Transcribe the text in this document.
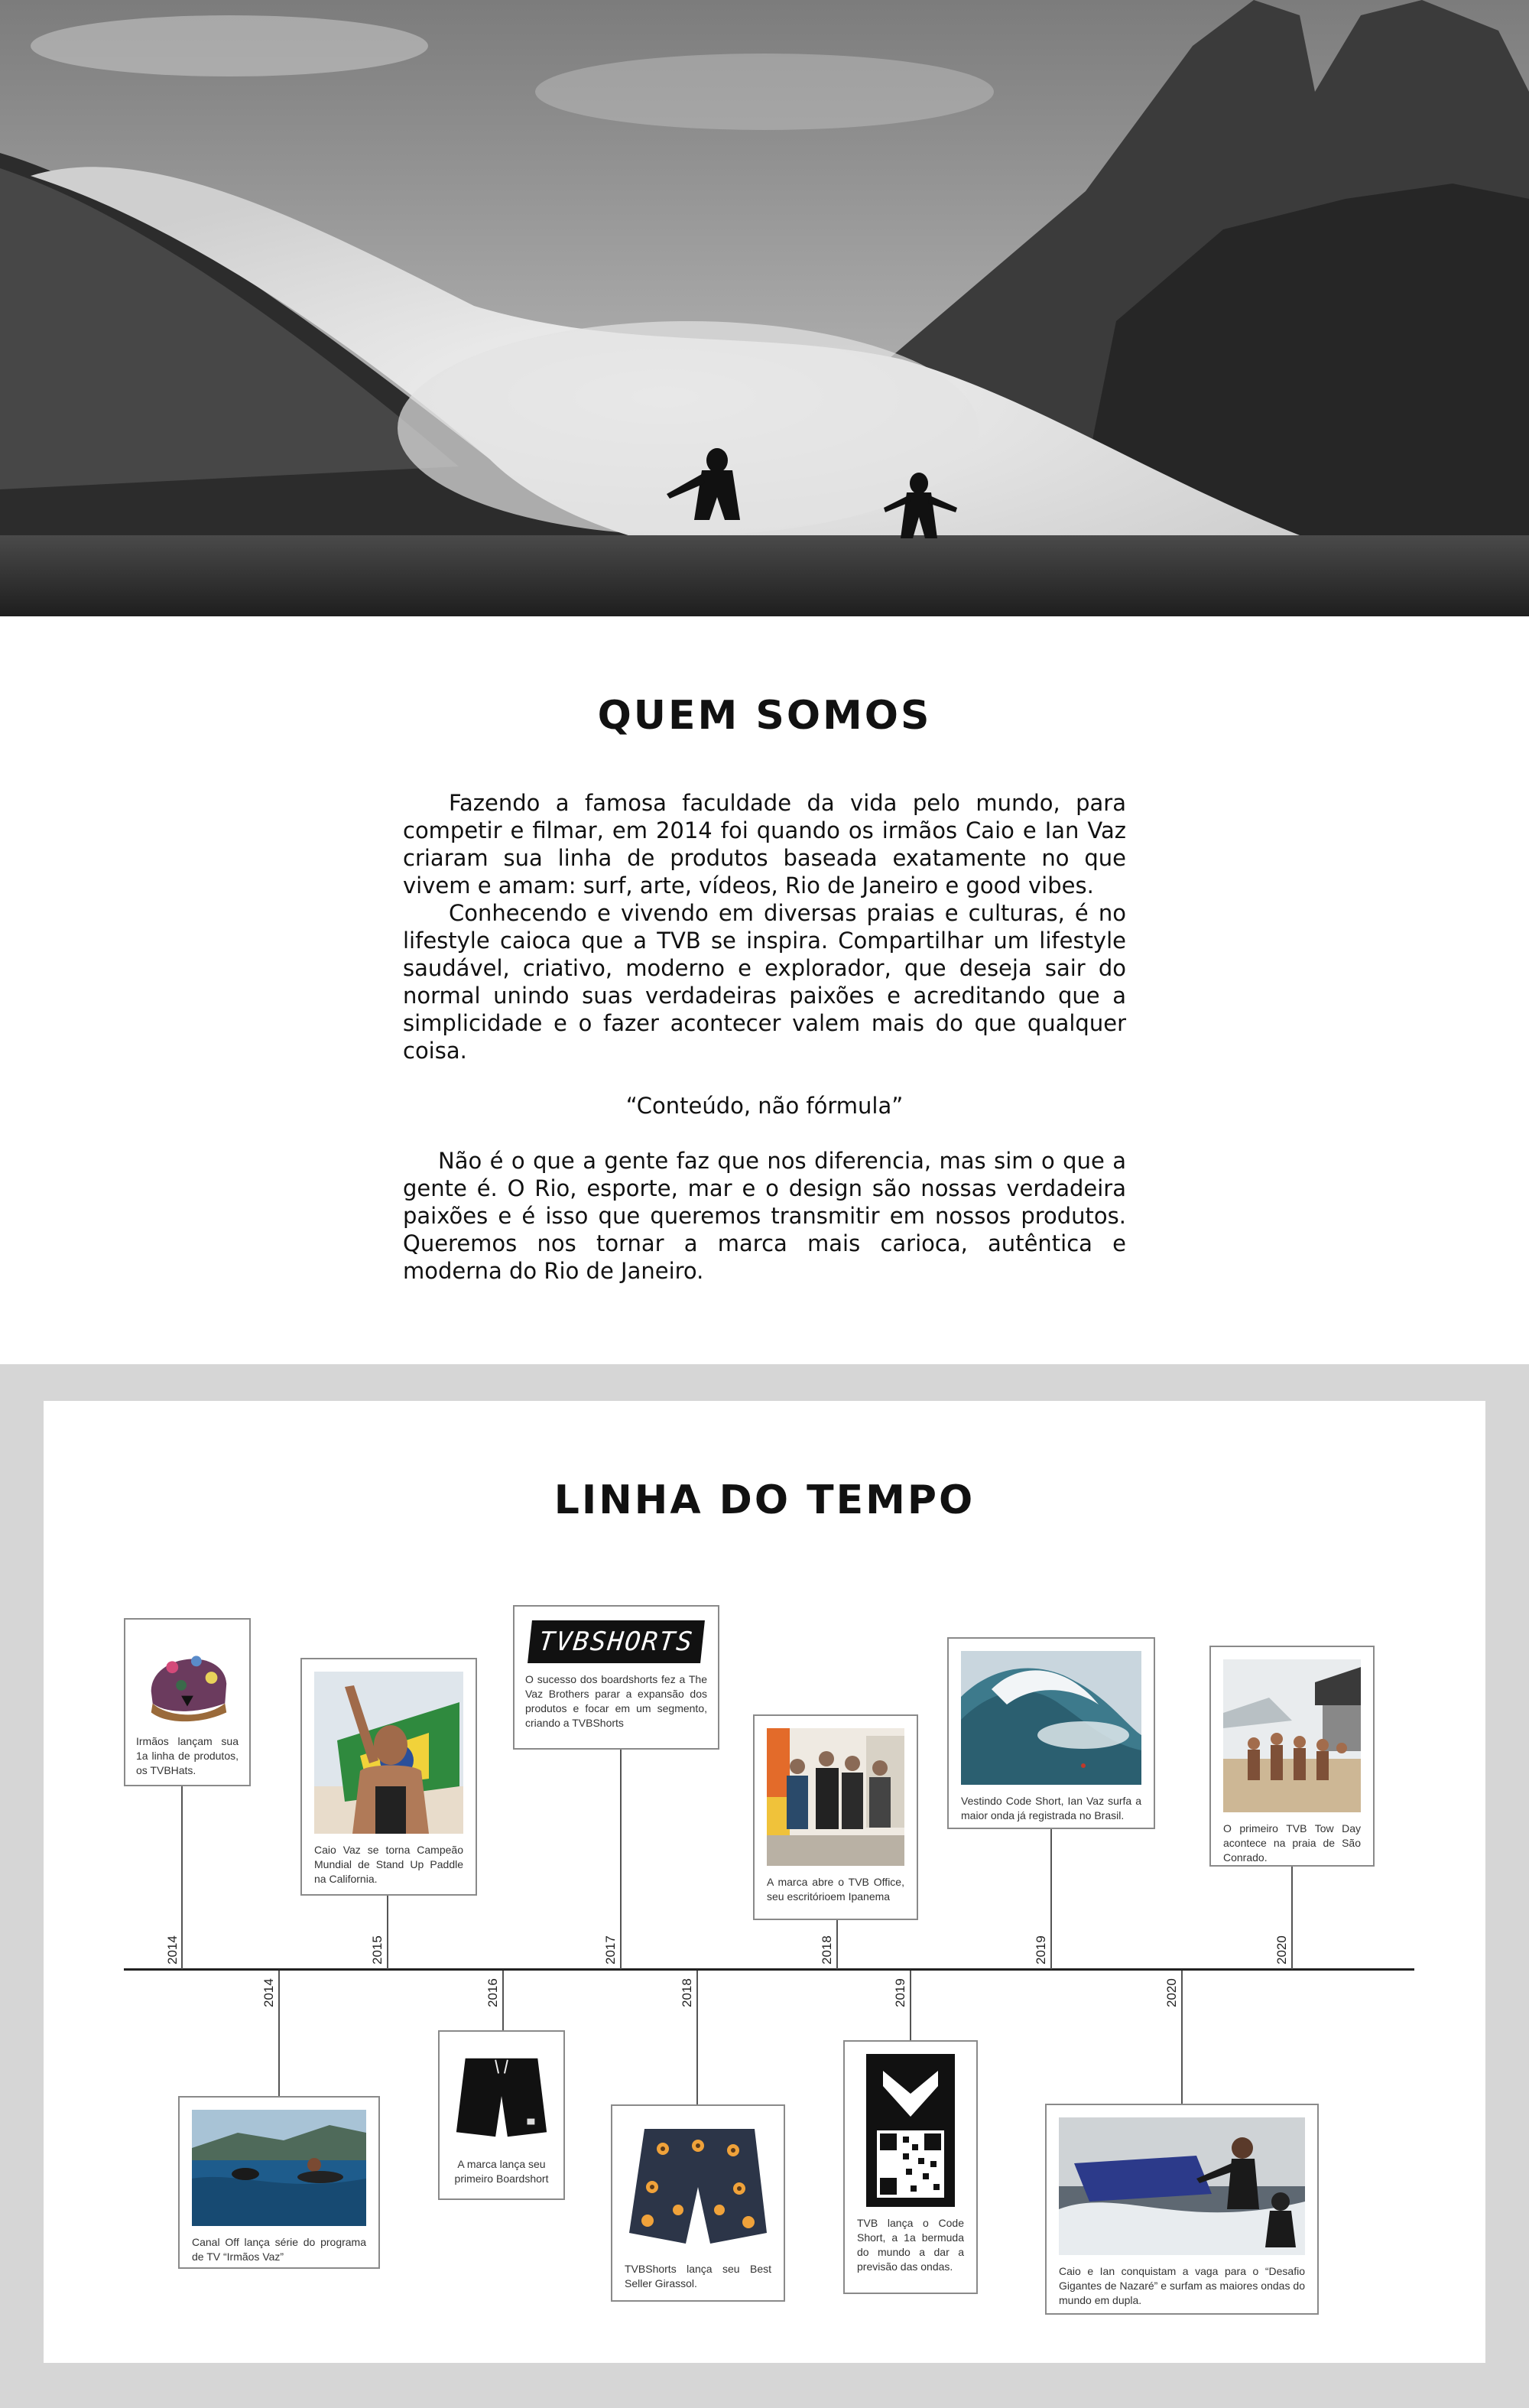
QUEM SOMOS

Fazendo a famosa faculdade da vida pelo mundo, para competir e filmar, em 2014 foi quando os irmãos Caio e Ian Vaz criaram sua linha de produtos baseada exatamente no que vivem e amam: surf, arte, vídeos, Rio de Janeiro e good vibes.

Conhecendo e vivendo em diversas praias e culturas, é no lifestyle caioca que a TVB se inspira. Compartilhar um lifestyle saudável, criativo, moderno e explorador, que deseja sair do normal unindo suas verdadeiras paixões e acreditando que a simplicidade e o fazer acontecer valem mais do que qualquer coisa.

“Conteúdo, não fórmula”

Não é o que a gente faz que nos diferencia, mas sim o que a gente é. O Rio, esporte, mar e o design são nossas verdadeira paixões e é isso que queremos transmitir em nossos produtos. Queremos nos tornar a marca mais carioca, autêntica e moderna do Rio de Janeiro.

LINHA DO TEMPO
2014
Irmãos lançam sua 1a linha de produtos, os TVBHats.
2015
Caio Vaz se torna Campeão Mundial de Stand Up Paddle na California.
2017
TVBSHORTS
O sucesso dos boardshorts fez a The Vaz Brothers parar a expansão dos produtos e focar em um segmento, criando a TVBShorts
2018
A marca abre o TVB Office, seu escritórioem Ipanema
2019
Vestindo Code Short, Ian Vaz surfa a maior onda já registrada no Brasil.
2020
O primeiro TVB Tow Day acontece na praia de São Conrado.
2014
Canal Off lança série do programa de TV “Irmãos Vaz”
2016
A marca lança seu primeiro Boardshort
2018
TVBShorts lança seu Best Seller Girassol.
2019
TVB lança o Code Short, a 1a bermuda do mundo a dar a previsão das ondas.
2020
Caio e Ian conquistam a vaga para o “Desafio Gigantes de Nazaré” e surfam as maiores ondas do mundo em dupla.
